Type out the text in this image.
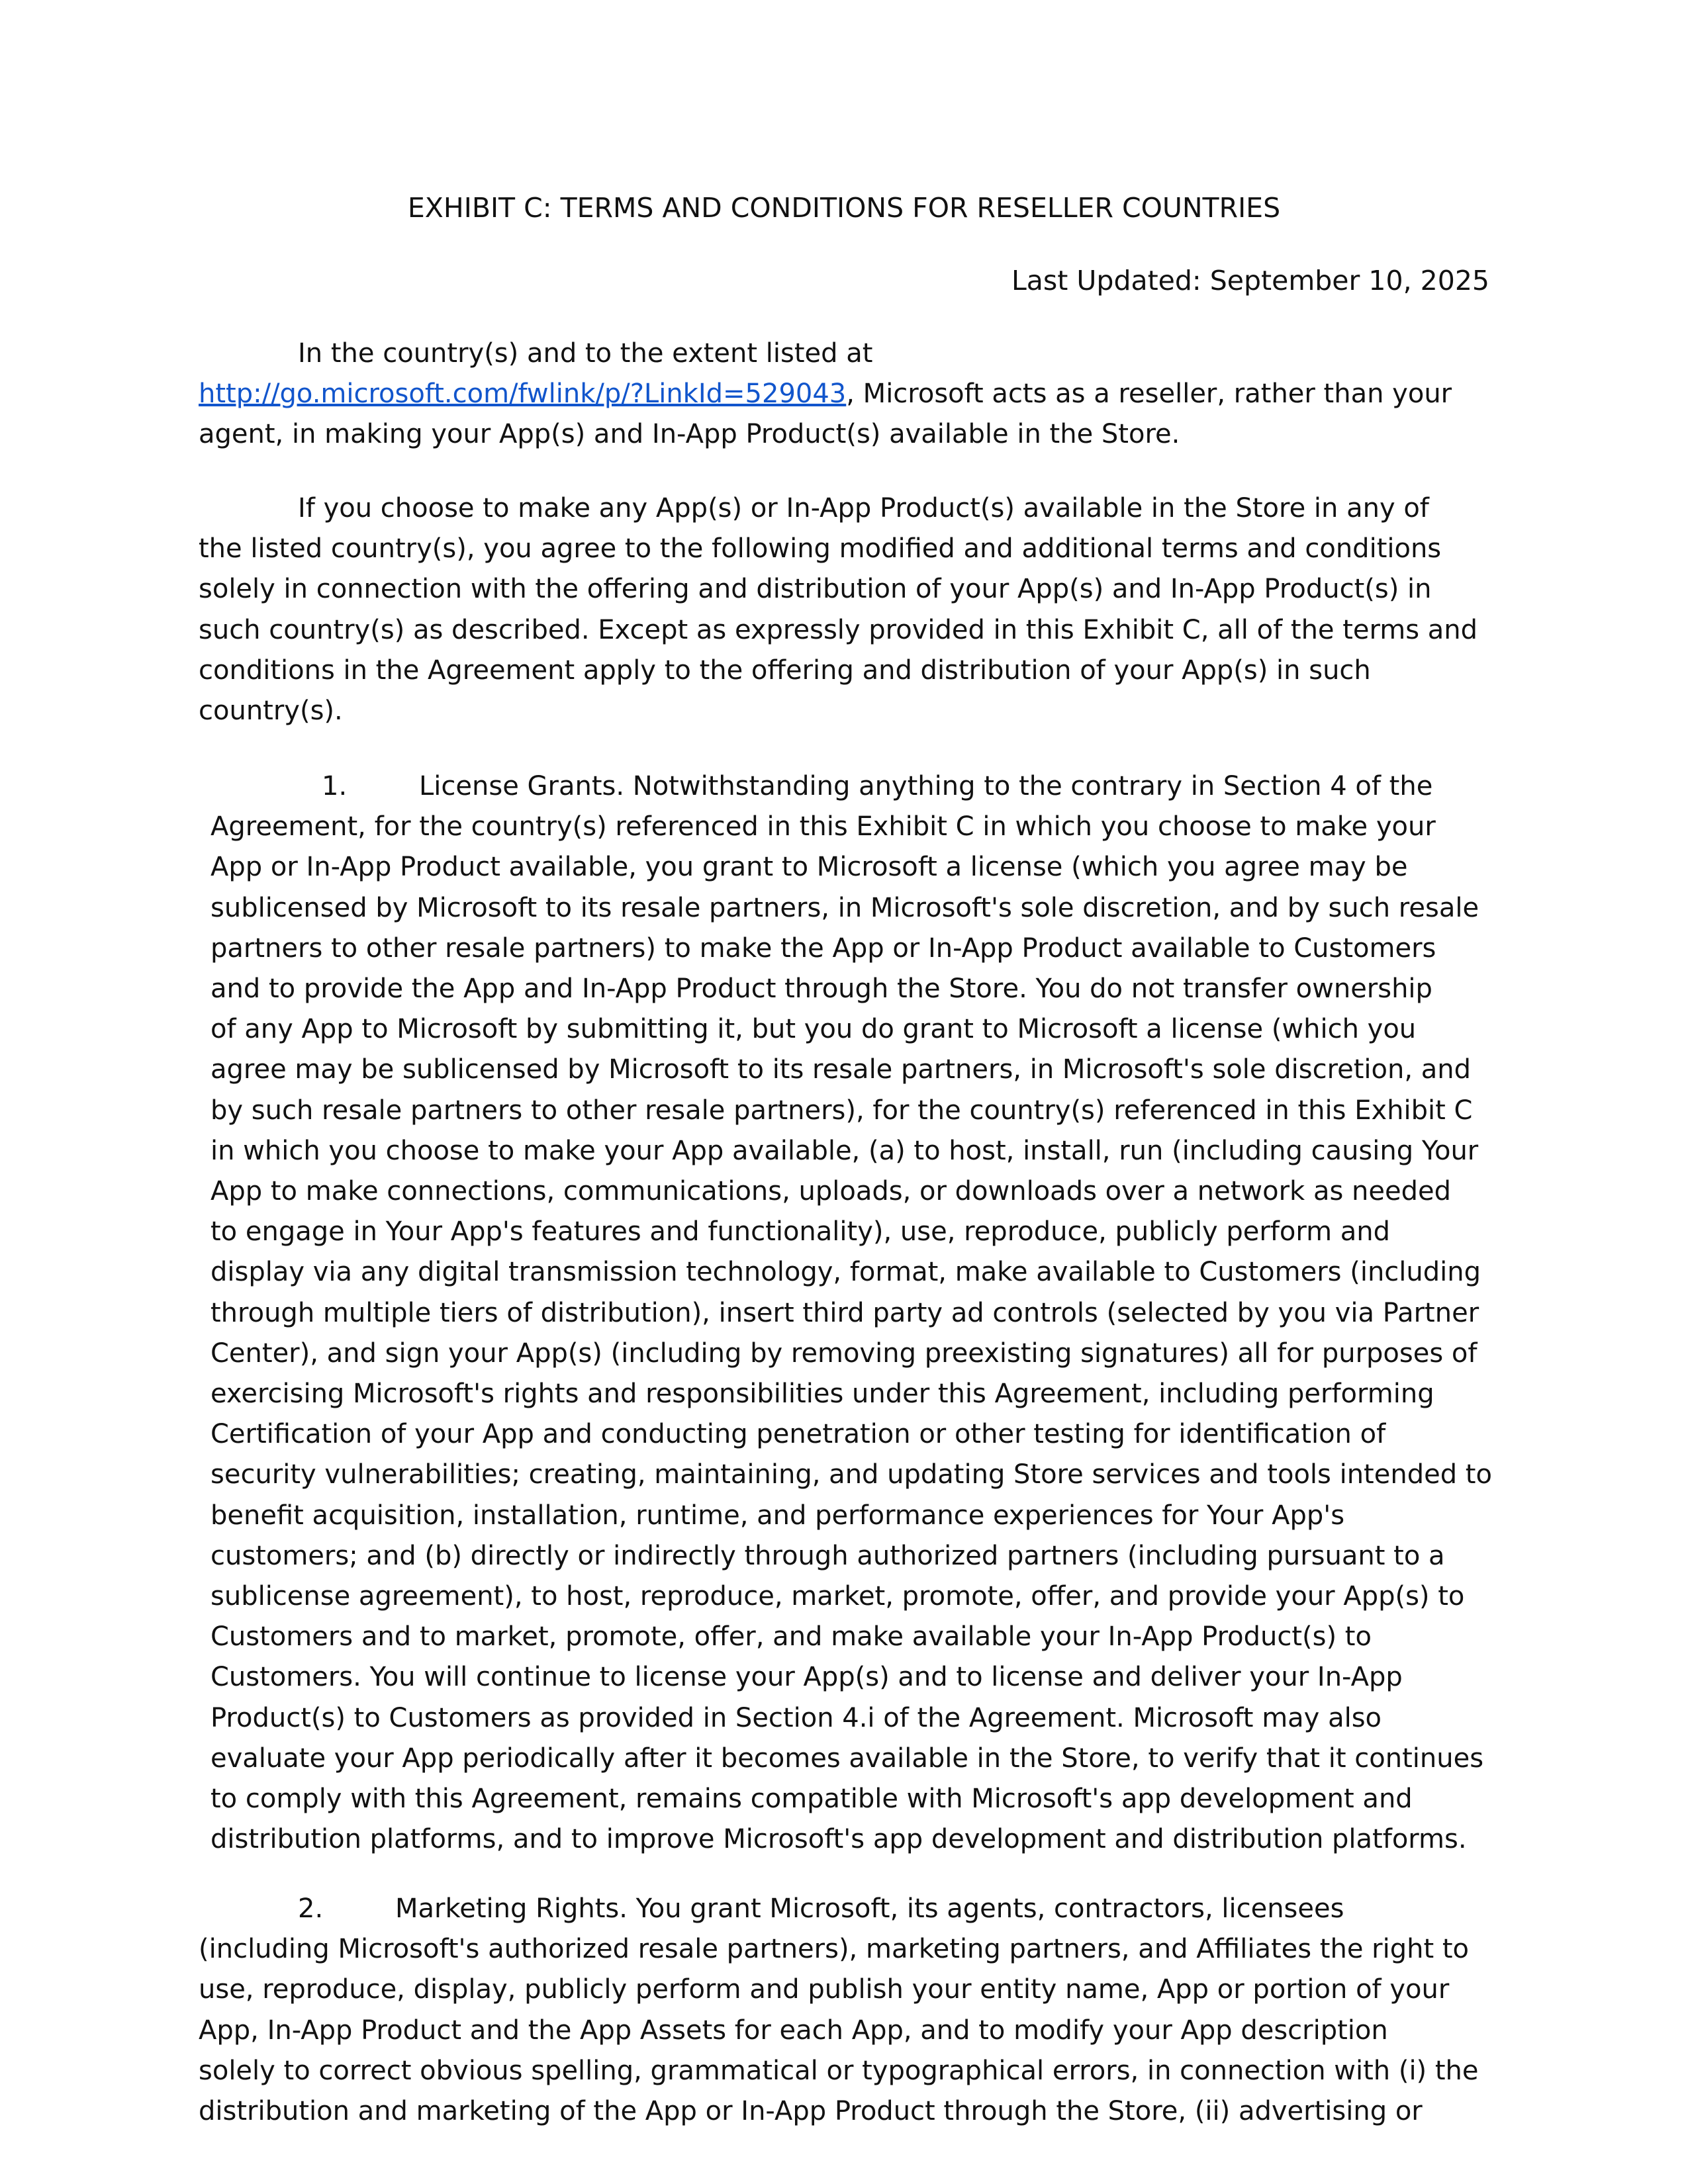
EXHIBIT C: TERMS AND CONDITIONS FOR RESELLER COUNTRIES
Last Updated: September 10, 2025
In the country(s) and to the extent listed at
http://go.microsoft.com/fwlink/p/?LinkId=529043, Microsoft acts as a reseller, rather than your
agent, in making your App(s) and In-App Product(s) available in the Store.
If you choose to make any App(s) or In-App Product(s) available in the Store in any of
the listed country(s), you agree to the following modified and additional terms and conditions
solely in connection with the offering and distribution of your App(s) and In-App Product(s) in
such country(s) as described. Except as expressly provided in this Exhibit C, all of the terms and
conditions in the Agreement apply to the offering and distribution of your App(s) in such
country(s).
1.	License Grants. Notwithstanding anything to the contrary in Section 4 of the
Agreement, for the country(s) referenced in this Exhibit C in which you choose to make your
App or In-App Product available, you grant to Microsoft a license (which you agree may be
sublicensed by Microsoft to its resale partners, in Microsoft's sole discretion, and by such resale
partners to other resale partners) to make the App or In-App Product available to Customers
and to provide the App and In-App Product through the Store. You do not transfer ownership
of any App to Microsoft by submitting it, but you do grant to Microsoft a license (which you
agree may be sublicensed by Microsoft to its resale partners, in Microsoft's sole discretion, and
by such resale partners to other resale partners), for the country(s) referenced in this Exhibit C
in which you choose to make your App available, (a) to host, install, run (including causing Your
App to make connections, communications, uploads, or downloads over a network as needed
to engage in Your App's features and functionality), use, reproduce, publicly perform and
display via any digital transmission technology, format, make available to Customers (including
through multiple tiers of distribution), insert third party ad controls (selected by you via Partner
Center), and sign your App(s) (including by removing preexisting signatures) all for purposes of
exercising Microsoft's rights and responsibilities under this Agreement, including performing
Certification of your App and conducting penetration or other testing for identification of
security vulnerabilities; creating, maintaining, and updating Store services and tools intended to
benefit acquisition, installation, runtime, and performance experiences for Your App's
customers; and (b) directly or indirectly through authorized partners (including pursuant to a
sublicense agreement), to host, reproduce, market, promote, offer, and provide your App(s) to
Customers and to market, promote, offer, and make available your In-App Product(s) to
Customers. You will continue to license your App(s) and to license and deliver your In-App
Product(s) to Customers as provided in Section 4.i of the Agreement. Microsoft may also
evaluate your App periodically after it becomes available in the Store, to verify that it continues
to comply with this Agreement, remains compatible with Microsoft's app development and
distribution platforms, and to improve Microsoft's app development and distribution platforms.
2.	Marketing Rights. You grant Microsoft, its agents, contractors, licensees
(including Microsoft's authorized resale partners), marketing partners, and Affiliates the right to
use, reproduce, display, publicly perform and publish your entity name, App or portion of your
App, In-App Product and the App Assets for each App, and to modify your App description
solely to correct obvious spelling, grammatical or typographical errors, in connection with (i) the
distribution and marketing of the App or In-App Product through the Store, (ii) advertising or
